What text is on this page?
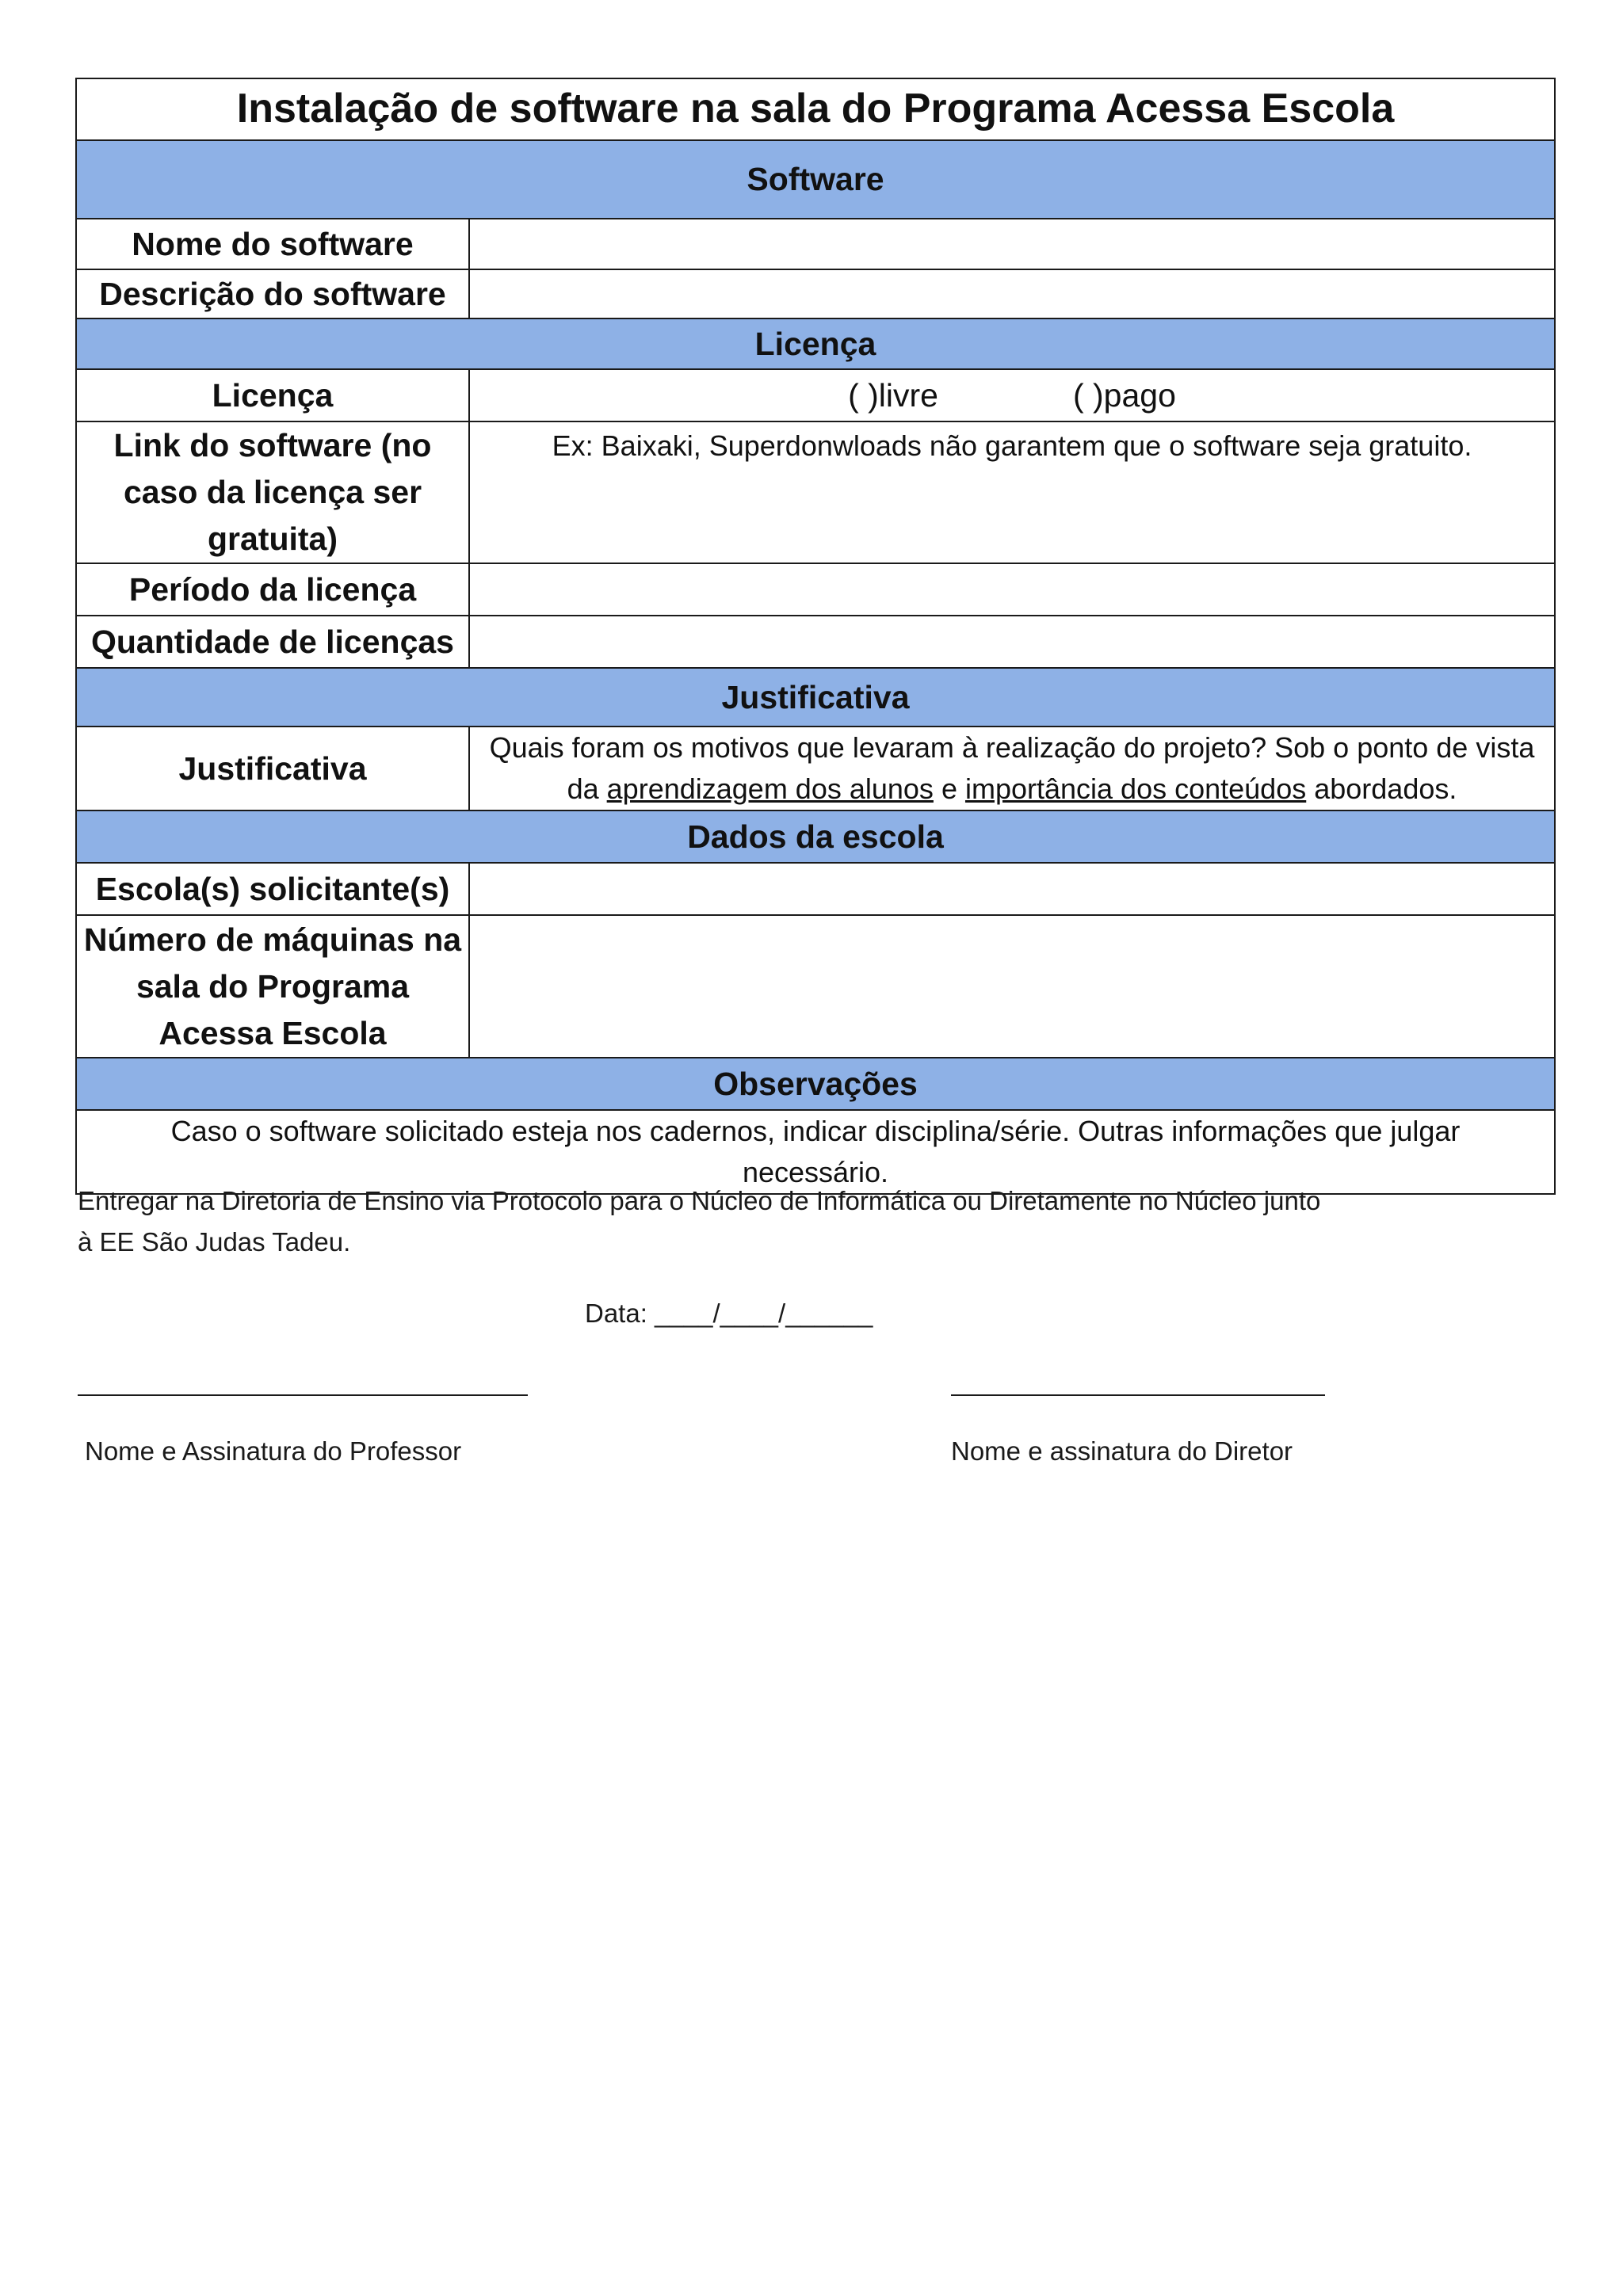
Instalação de software na sala do Programa Acessa Escola	
Software	
Nome do software	
Descrição do software	
Licença	
Licença	( )livre ( )pago
Link do software (no caso da licença ser gratuita)	Ex: Baixaki, Superdonwloads não garantem que o software seja gratuito.
Período da licença	
Quantidade de licenças	
Justificativa	
Justificativa	Quais foram os motivos que levaram à realização do projeto? Sob o ponto de vista da aprendizagem dos alunos e importância dos conteúdos abordados.
Dados da escola	
Escola(s) solicitante(s)	
Número de máquinas na sala do Programa Acessa Escola	
Observações	
Caso o software solicitado esteja nos cadernos, indicar disciplina/série. Outras informações que julgar necessário.	
Entregar na Diretoria de Ensino via Protocolo para o Núcleo de Informática ou Diretamente no Núcleo junto
à EE São Judas Tadeu.
Data: ____/____/______
Nome e Assinatura do Professor	Nome e assinatura do Diretor
